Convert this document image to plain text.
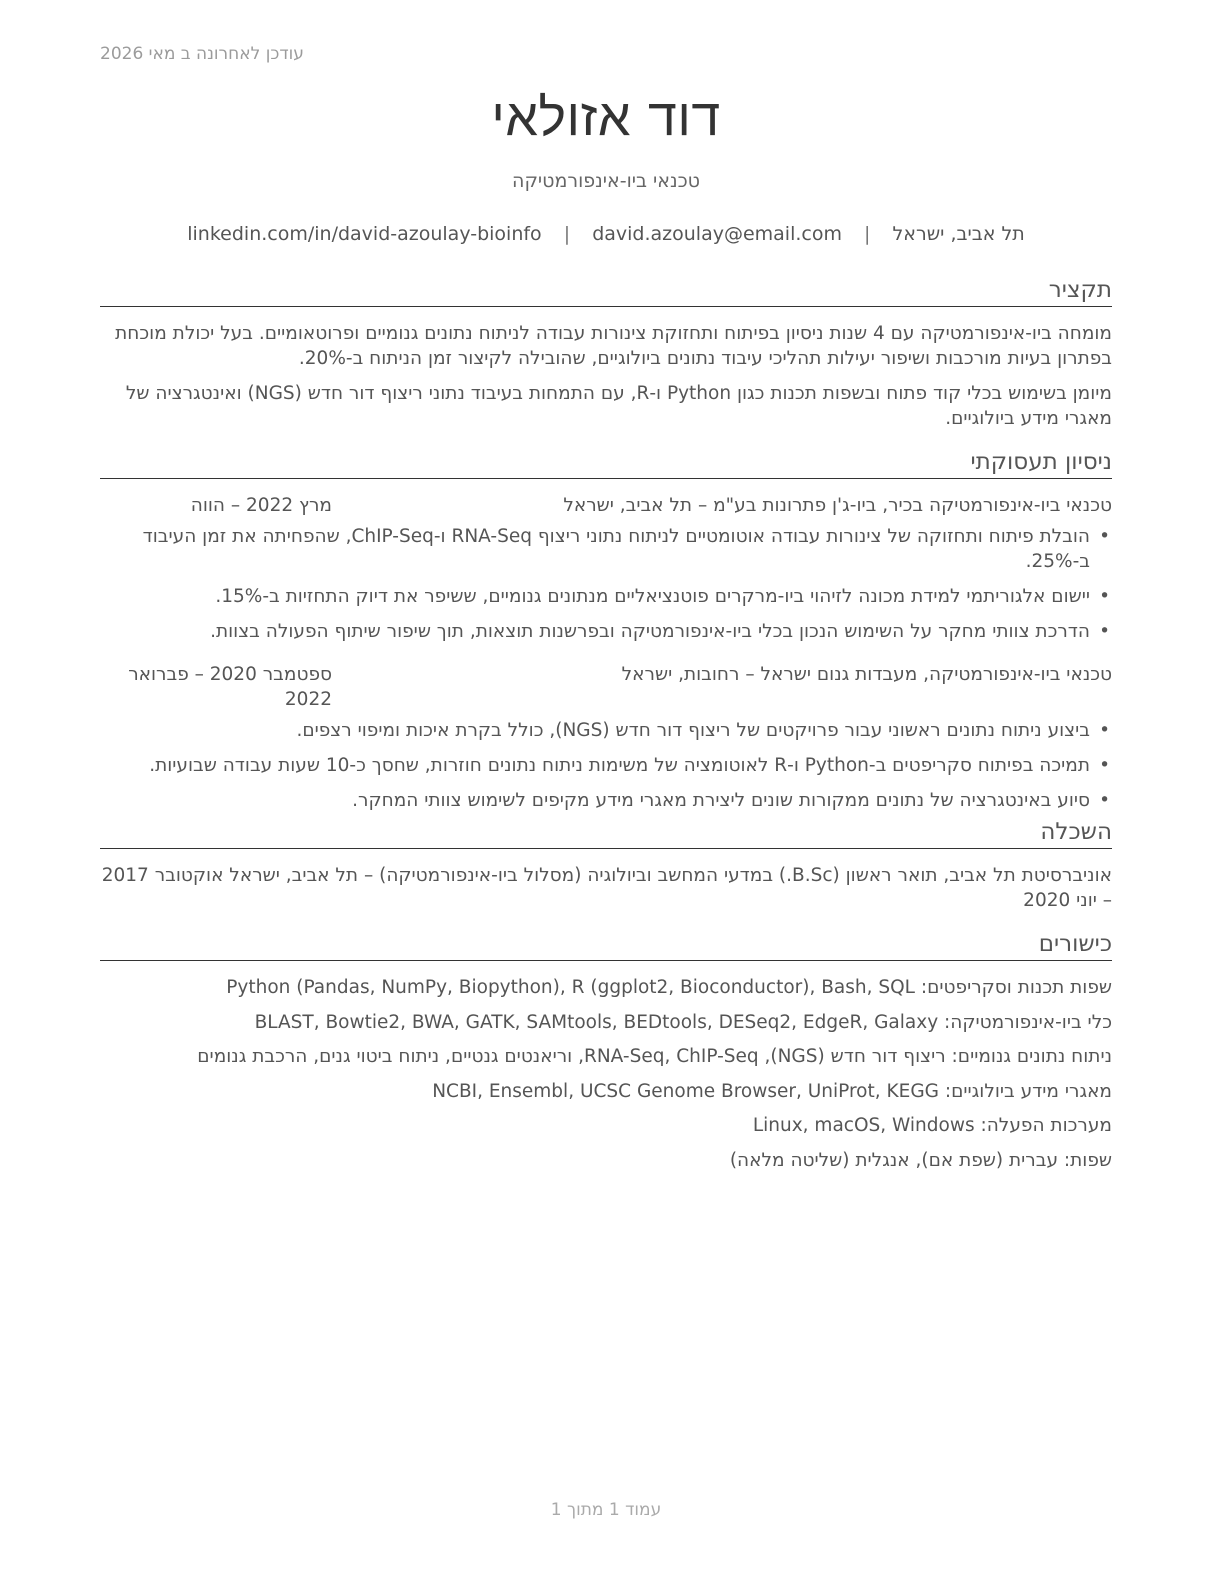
עודכן לאחרונה ב מאי 2026
דוד אזולאי
טכנאי ביו-אינפורמטיקה
תל אביב, ישראל | david.azoulay@email.com | linkedin.com/in/david-azoulay-bioinfo
תקציר

מומחה ביו-אינפורמטיקה עם 4 שנות ניסיון בפיתוח ותחזוקת צינורות עבודה לניתוח נתונים גנומיים ופרוטאומיים. בעל יכולת מוכחת בפתרון בעיות מורכבות ושיפור יעילות תהליכי עיבוד נתונים ביולוגיים, שהובילה לקיצור זמן הניתוח ב-20%.

מיומן בשימוש בכלי קוד פתוח ובשפות תכנות כגון Python ו-R, עם התמחות בעיבוד נתוני ריצוף דור חדש (NGS) ואינטגרציה של מאגרי מידע ביולוגיים.

ניסיון תעסוקתי
טכנאי ביו-אינפורמטיקה בכיר, ביו-ג'ן פתרונות בע"מ – תל אביב, ישראל
מרץ 2022 – הווה
• הובלת פיתוח ותחזוקה של צינורות עבודה אוטומטיים לניתוח נתוני ריצוף RNA-Seq ו-ChIP-Seq, שהפחיתה את זמן העיבוד ב-25%.
• יישום אלגוריתמי למידת מכונה לזיהוי ביו-מרקרים פוטנציאליים מנתונים גנומיים, ששיפר את דיוק התחזיות ב-15%.
• הדרכת צוותי מחקר על השימוש הנכון בכלי ביו-אינפורמטיקה ובפרשנות תוצאות, תוך שיפור שיתוף הפעולה בצוות.
טכנאי ביו-אינפורמטיקה, מעבדות גנום ישראל – רחובות, ישראל
ספטמבר 2020 – פברואר 2022
• ביצוע ניתוח נתונים ראשוני עבור פרויקטים של ריצוף דור חדש (NGS), כולל בקרת איכות ומיפוי רצפים.
• תמיכה בפיתוח סקריפטים ב-Python ו-R לאוטומציה של משימות ניתוח נתונים חוזרות, שחסך כ-10 שעות עבודה שבועיות.
• סיוע באינטגרציה של נתונים ממקורות שונים ליצירת מאגרי מידע מקיפים לשימוש צוותי המחקר.
השכלה

אוניברסיטת תל אביב, תואר ראשון (B.Sc.) במדעי המחשב וביולוגיה (מסלול ביו-אינפורמטיקה) – תל אביב, ישראל אוקטובר 2017 – יוני 2020

כישורים
שפות תכנות וסקריפטים: Python (Pandas, NumPy, Biopython), R (ggplot2, Bioconductor), Bash, SQL
כלי ביו-אינפורמטיקה: BLAST, Bowtie2, BWA, GATK, SAMtools, BEDtools, DESeq2, EdgeR, Galaxy
ניתוח נתונים גנומיים: ריצוף דור חדש (NGS), RNA-Seq, ChIP-Seq, וריאנטים גנטיים, ניתוח ביטוי גנים, הרכבת גנומים
מאגרי מידע ביולוגיים: NCBI, Ensembl, UCSC Genome Browser, UniProt, KEGG
מערכות הפעלה: Linux, macOS, Windows
שפות: עברית (שפת אם), אנגלית (שליטה מלאה)
עמוד 1 מתוך 1
